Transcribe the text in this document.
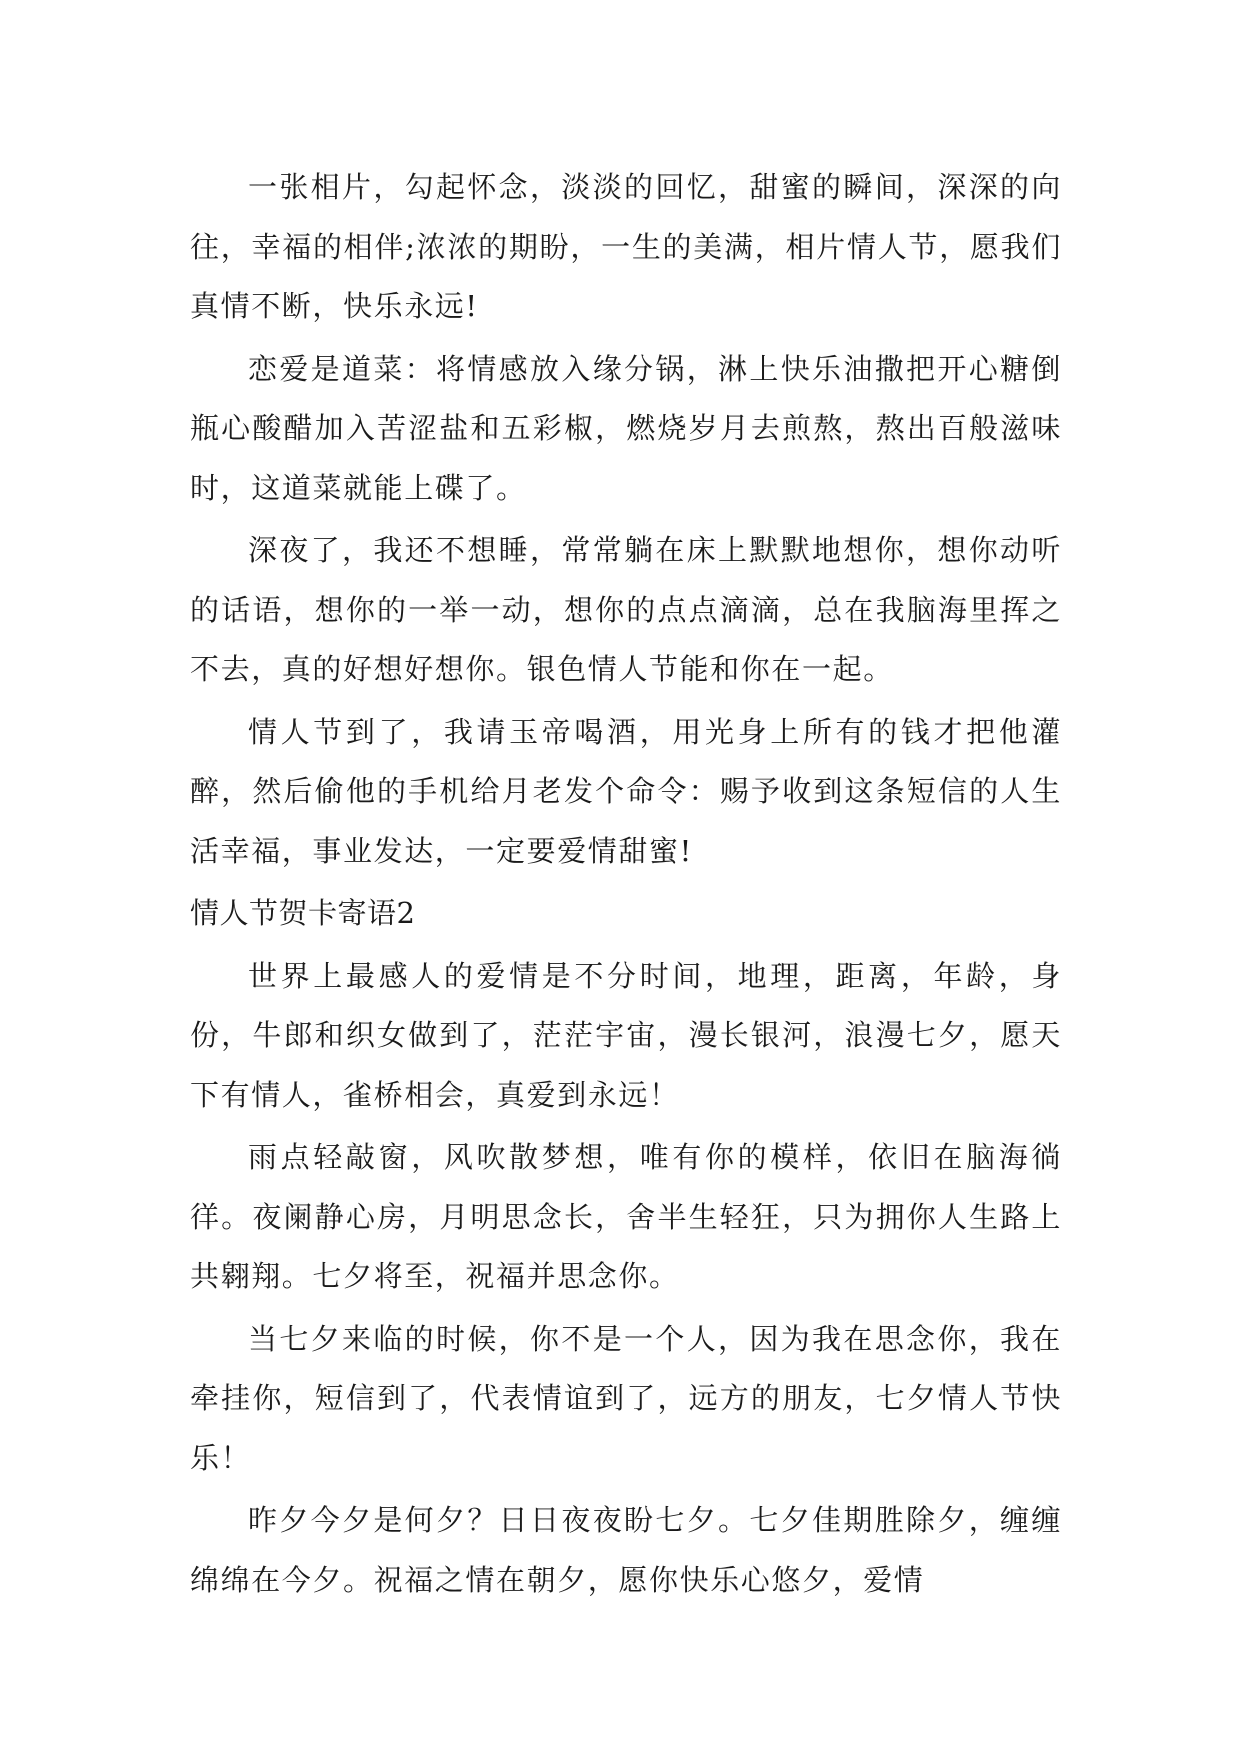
一张相片，勾起怀念，淡淡的回忆，甜蜜的瞬间，深深的向往，幸福的相伴;浓浓的期盼，一生的美满，相片情人节，愿我们真情不断，快乐永远!

恋爱是道菜：将情感放入缘分锅，淋上快乐油撒把开心糖倒瓶心酸醋加入苦涩盐和五彩椒，燃烧岁月去煎熬，熬出百般滋味时，这道菜就能上碟了。

深夜了，我还不想睡，常常躺在床上默默地想你，想你动听的话语，想你的一举一动，想你的点点滴滴，总在我脑海里挥之不去，真的好想好想你。银色情人节能和你在一起。

情人节到了，我请玉帝喝酒，用光身上所有的钱才把他灌醉，然后偷他的手机给月老发个命令：赐予收到这条短信的人生活幸福，事业发达，一定要爱情甜蜜!

情人节贺卡寄语2

世界上最感人的爱情是不分时间，地理，距离，年龄，身份，牛郎和织女做到了，茫茫宇宙，漫长银河，浪漫七夕，愿天下有情人，雀桥相会，真爱到永远！

雨点轻敲窗，风吹散梦想，唯有你的模样，依旧在脑海徜徉。夜阑静心房，月明思念长，舍半生轻狂，只为拥你人生路上共翱翔。七夕将至，祝福并思念你。

当七夕来临的时候，你不是一个人，因为我在思念你，我在牵挂你，短信到了，代表情谊到了，远方的朋友，七夕情人节快乐！

昨夕今夕是何夕？日日夜夜盼七夕。七夕佳期胜除夕，缠缠绵绵在今夕。祝福之情在朝夕，愿你快乐心悠夕，爱情
